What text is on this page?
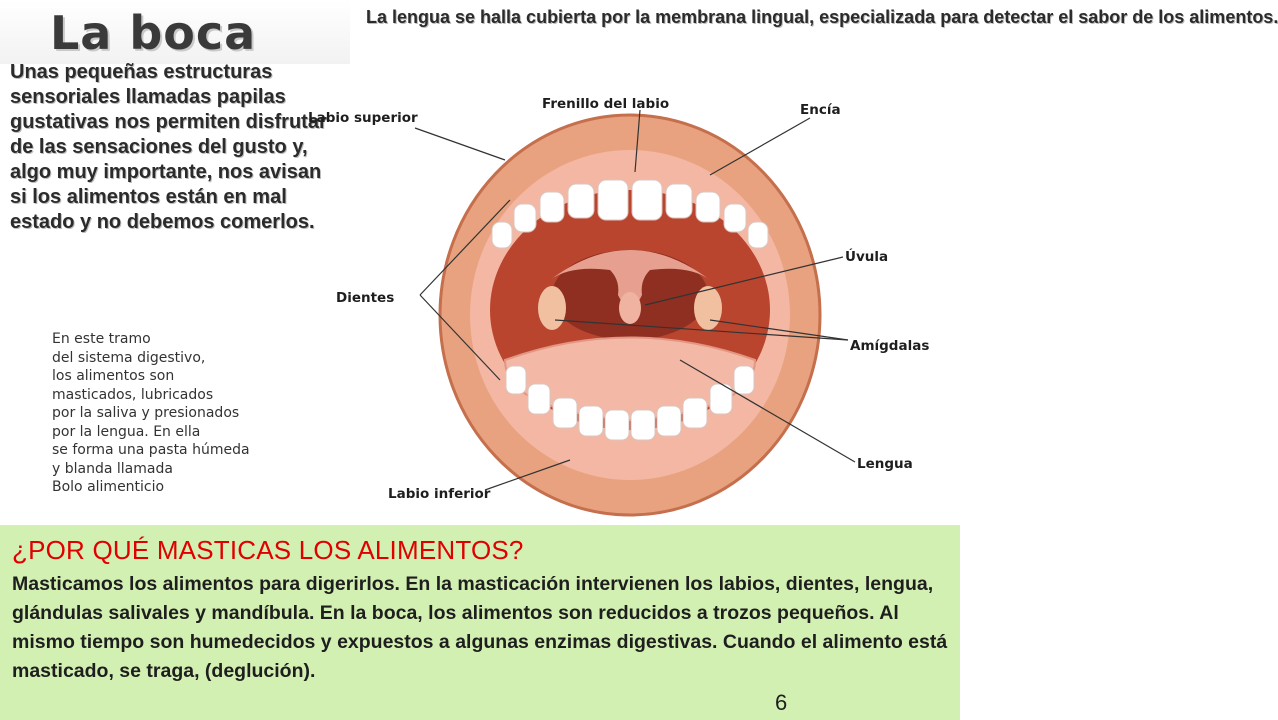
La boca	La lengua se halla cubierta por la membrana lingual, especializada para detectar el sabor de los alimentos.
Unas pequeñas estructuras sensoriales llamadas papilas gustativas nos permiten disfrutar de las sensaciones del gusto y, algo muy importante, nos avisan si los alimentos están en mal estado y no debemos comerlos.
En este tramo
del sistema digestivo,
los alimentos son
masticados, lubricados
por la saliva y presionados
por la lengua. En ella
se forma una pasta húmeda
y blanda llamada
Bolo alimenticio
Labio superior
Frenillo del labio	Encía
Úvula
Dientes
Amígdalas
Lengua
Labio inferior
¿POR QUÉ MASTICAS LOS ALIMENTOS?
Masticamos los alimentos para digerirlos. En la masticación intervienen los labios, dientes, lengua, glándulas salivales y mandíbula. En la boca, los alimentos son reducidos a trozos pequeños. Al mismo tiempo son humedecidos y expuestos a algunas enzimas digestivas. Cuando el alimento está masticado, se traga, (deglución).
6
